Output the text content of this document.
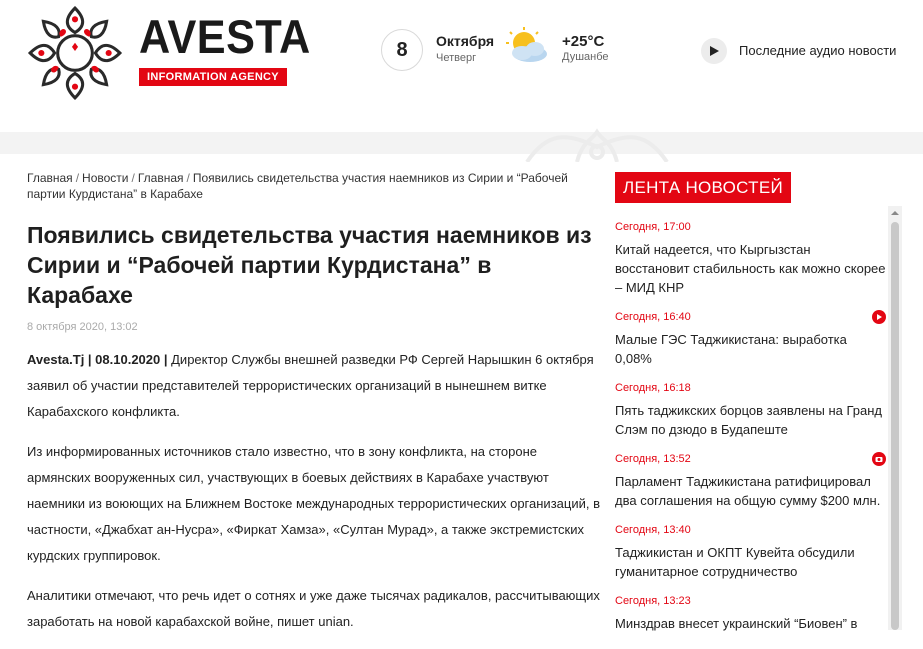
AVESTA
INFORMATION AGENCY
8	Октября
Четверг
+25°C
Душанбе	Последние аудио новости
Главная / Новости / Главная / Появились свидетельства участия наемников из Сирии и “Рабочей партии Курдистана” в Карабахе
Появились свидетельства участия наемников из Сирии и “Рабочей партии Курдистана” в Карабахе
8 октября 2020, 13:02

Avesta.Tj | 08.10.2020 | Директор Службы внешней разведки РФ Сергей Нарышкин 6 октября заявил об участии представителей террористических организаций в нынешнем витке Карабахского конфликта.

Из информированных источников стало известно, что в зону конфликта, на стороне армянских вооруженных сил, участвующих в боевых действиях в Карабахе участвуют наемники из воюющих на Ближнем Востоке международных террористических организаций, в частности, «Джабхат ан-Нусра», «Фиркат Хамза», «Султан Мурад», а также экстремистских курдских группировок.

Аналитики отмечают, что речь идет о сотнях и уже даже тысячах радикалов, рассчитывающих заработать на новой карабахской войне, пишет unian.

ЛЕНТА НОВОСТЕЙ
Сегодня, 17:00
Китай надеется, что Кыргызстан восстановит стабильность как можно скорее – МИД КНР
Сегодня, 16:40
Малые ГЭС Таджикистана: выработка 0,08%
Сегодня, 16:18
Пять таджикских борцов заявлены на Гранд Слэм по дзюдо в Будапеште
Сегодня, 13:52
Парламент Таджикистана ратифицировал два соглашения на общую сумму $200 млн.
Сегодня, 13:40
Таджикистан и ОКПТ Кувейта обсудили гуманитарное сотрудничество
Сегодня, 13:23
Минздрав внесет украинский “Биовен” в
